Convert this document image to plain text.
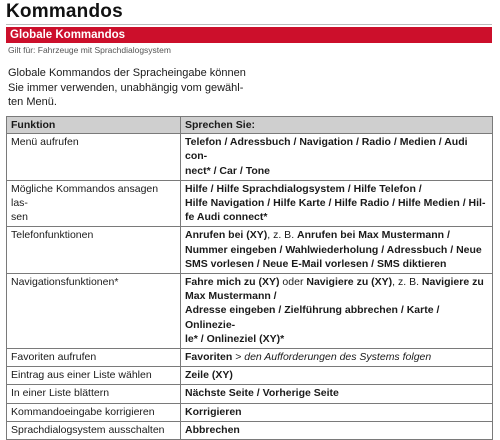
Kommandos
Globale Kommandos
Gilt für: Fahrzeuge mit Sprachdialogsystem
Globale Kommandos der Spracheingabe können
Sie immer verwenden, unabhängig vom gewähl-
ten Menü.
Funktion	Sprechen Sie:
Menü aufrufen	Telefon / Adressbuch / Navigation / Radio / Medien / Audi con-
nect* / Car / Tone
Mögliche Kommandos ansagen las-
sen	Hilfe / Hilfe Sprachdialogsystem / Hilfe Telefon /
Hilfe Navigation / Hilfe Karte / Hilfe Radio / Hilfe Medien / Hil-
fe Audi connect*
Telefonfunktionen	Anrufen bei (XY), z. B. Anrufen bei Max Mustermann /
Nummer eingeben / Wahlwiederholung / Adressbuch / Neue
SMS vorlesen / Neue E-Mail vorlesen / SMS diktieren
Navigationsfunktionen*	Fahre mich zu (XY) oder Navigiere zu (XY), z. B. Navigiere zu
Max Mustermann /
Adresse eingeben / Zielführung abbrechen / Karte / Onlinezie-
le* / Onlineziel (XY)*
Favoriten aufrufen	Favoriten > den Aufforderungen des Systems folgen
Eintrag aus einer Liste wählen	Zeile (XY)
In einer Liste blättern	Nächste Seite / Vorherige Seite
Kommandoeingabe korrigieren	Korrigieren
Sprachdialogsystem ausschalten	Abbrechen
